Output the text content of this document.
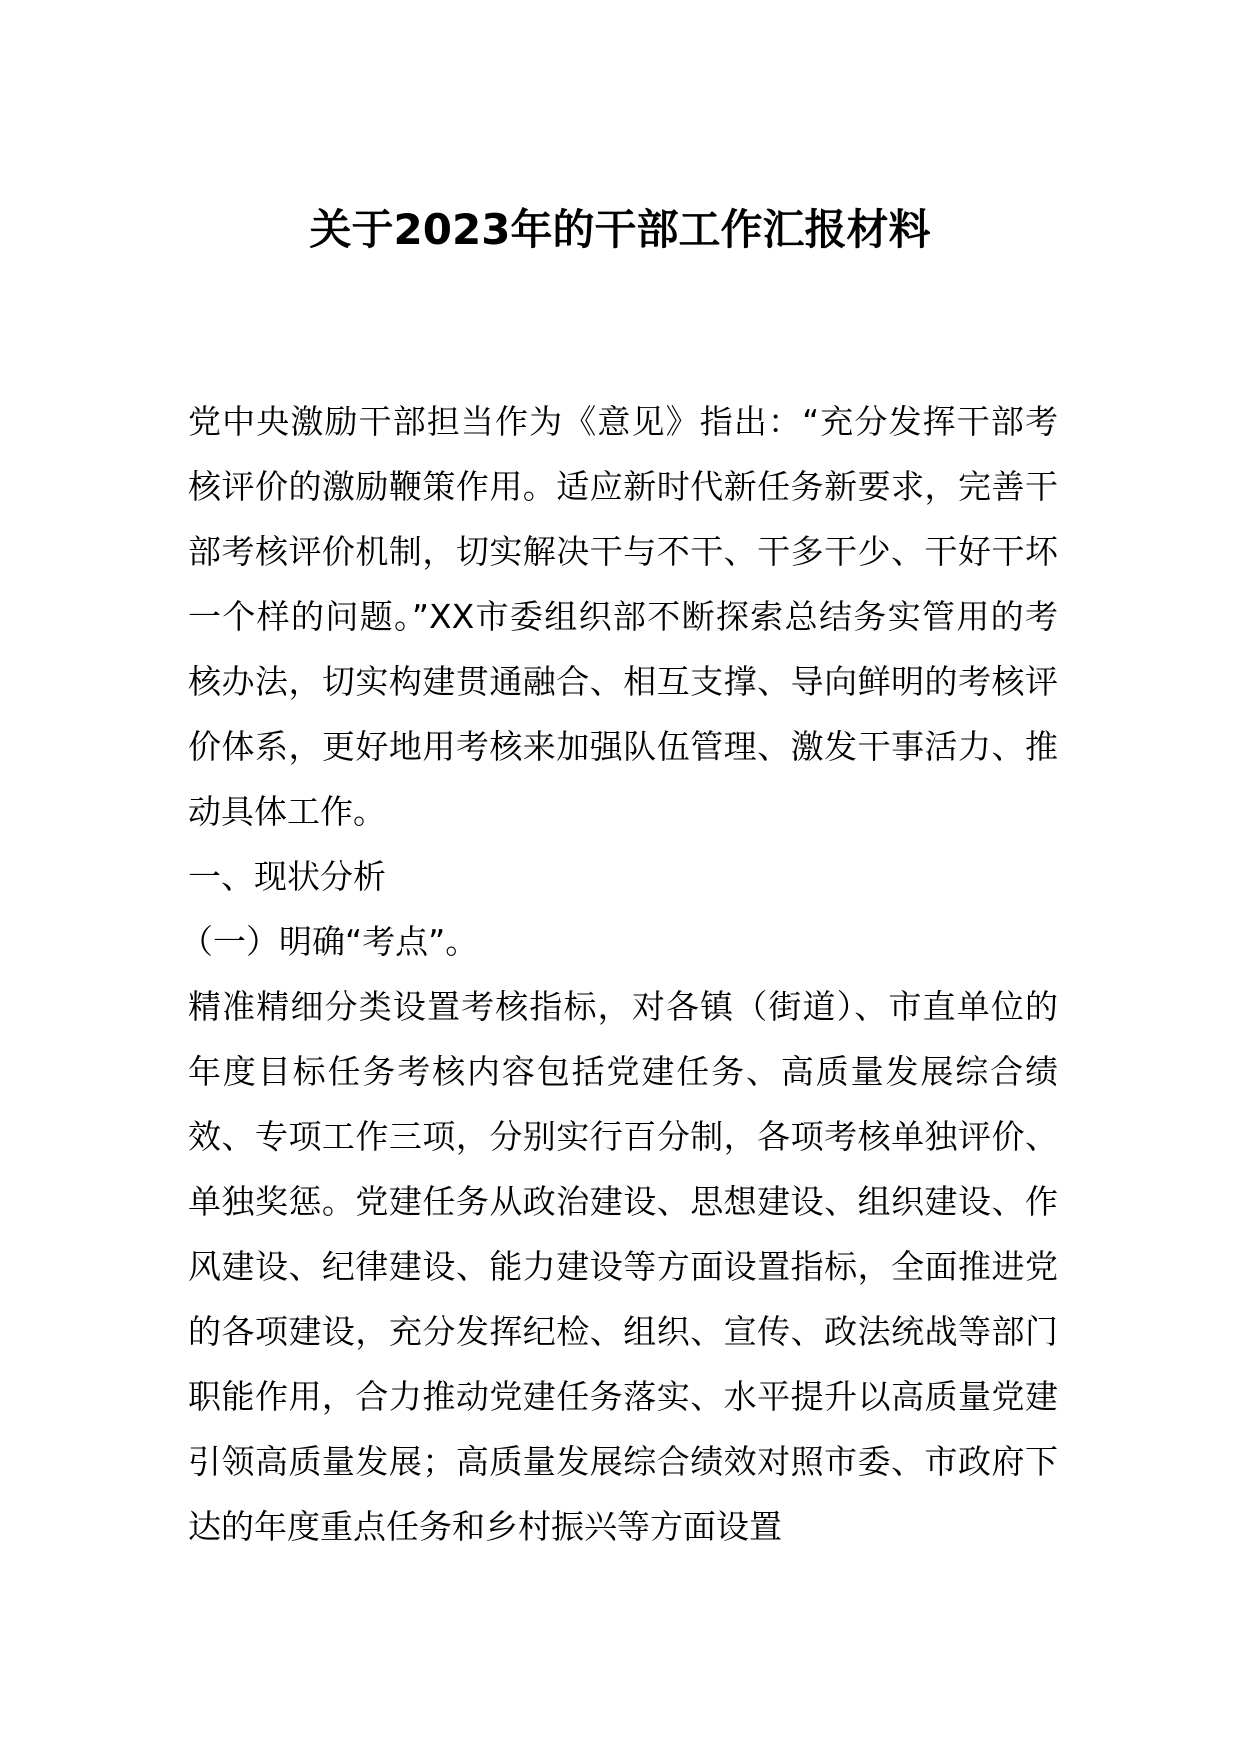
关于2023年的干部工作汇报材料

党中央激励干部担当作为《意见》指出：“充分发挥干部考核评价的激励鞭策作用。适应新时代新任务新要求，完善干部考核评价机制，切实解决干与不干、干多干少、干好干坏一个样的问题。”XX市委组织部不断探索总结务实管用的考核办法，切实构建贯通融合、相互支撑、导向鲜明的考核评价体系，更好地用考核来加强队伍管理、激发干事活力、推动具体工作。

一、现状分析

（一）明确“考点”。

精准精细分类设置考核指标，对各镇（街道）、市直单位的年度目标任务考核内容包括党建任务、高质量发展综合绩效、专项工作三项，分别实行百分制，各项考核单独评价、单独奖惩。党建任务从政治建设、思想建设、组织建设、作风建设、纪律建设、能力建设等方面设置指标，全面推进党的各项建设，充分发挥纪检、组织、宣传、政法统战等部门职能作用，合力推动党建任务落实、水平提升以高质量党建引领高质量发展；高质量发展综合绩效对照市委、市政府下达的年度重点任务和乡村振兴等方面设置
